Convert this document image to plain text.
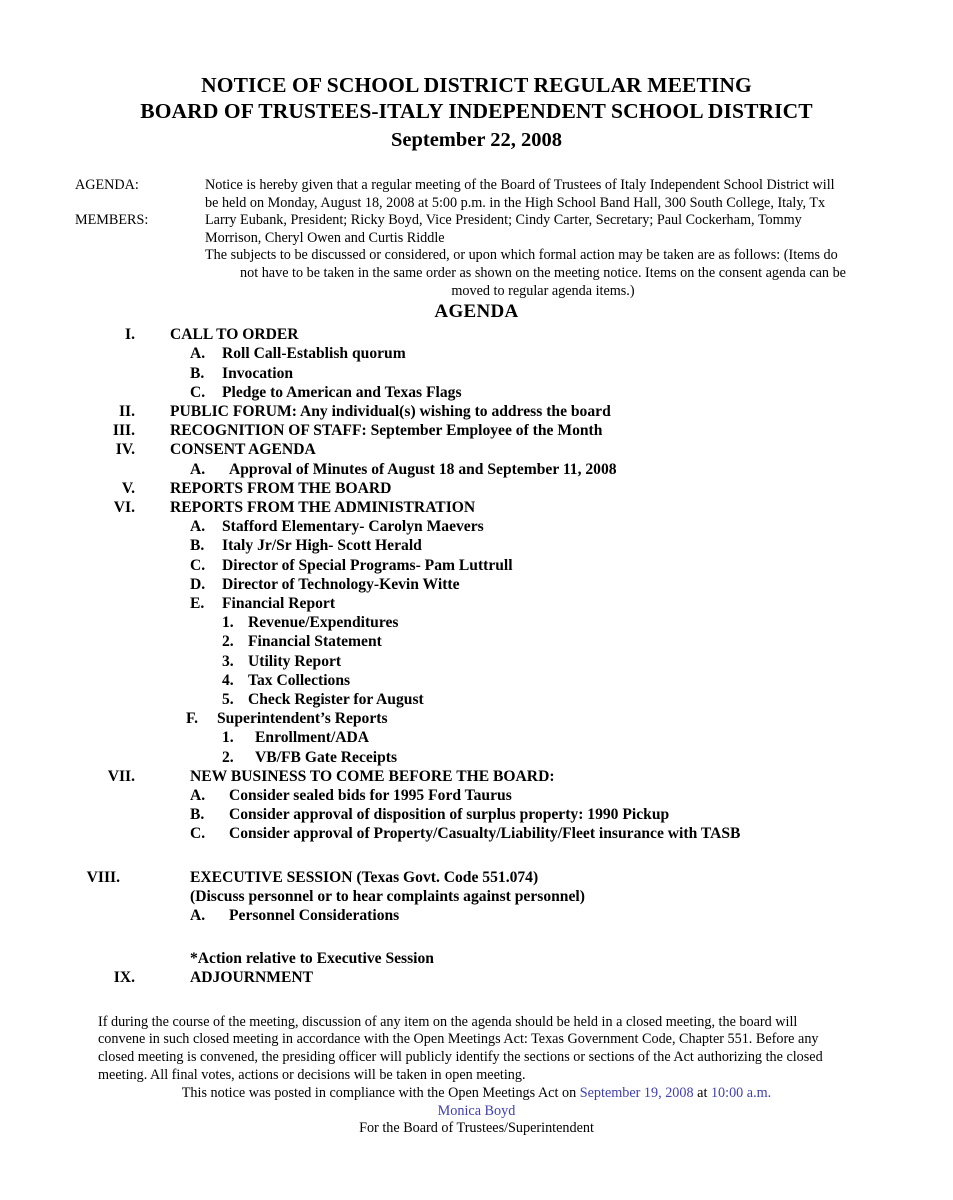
NOTICE OF SCHOOL DISTRICT REGULAR MEETING
BOARD OF TRUSTEES-ITALY INDEPENDENT SCHOOL DISTRICT
September 22, 2008
AGENDA:	Notice is hereby given that a regular meeting of the Board of Trustees of Italy Independent School District will
be held on Monday, August 18, 2008 at 5:00 p.m. in the High School Band Hall, 300 South College, Italy, Tx
MEMBERS:	Larry Eubank, President; Ricky Boyd, Vice President; Cindy Carter, Secretary; Paul Cockerham, Tommy
Morrison, Cheryl Owen and Curtis Riddle
The subjects to be discussed or considered, or upon which formal action may be taken are as follows: (Items do
not have to be taken in the same order as shown on the meeting notice. Items on the consent agenda can be
moved to regular agenda items.)
AGENDA
I. CALL TO ORDER
A.	Roll Call-Establish quorum
B.	Invocation
C.	Pledge to American and Texas Flags
II. PUBLIC FORUM: Any individual(s) wishing to address the board
III. RECOGNITION OF STAFF: September Employee of the Month
IV. CONSENT AGENDA
A.	Approval of Minutes of August 18 and September 11, 2008
V. REPORTS FROM THE BOARD
VI. REPORTS FROM THE ADMINISTRATION
A.	Stafford Elementary- Carolyn Maevers
B.	Italy Jr/Sr High- Scott Herald
C.	Director of Special Programs- Pam Luttrull
D.	Director of Technology-Kevin Witte
E.	Financial Report
1. Revenue/Expenditures
2. Financial Statement
3. Utility Report
4. Tax Collections
5. Check Register for August
F.	Superintendent’s Reports
1.	Enrollment/ADA
2.	VB/FB Gate Receipts
VII.	NEW BUSINESS TO COME BEFORE THE BOARD:
A.	Consider sealed bids for 1995 Ford Taurus
B.	Consider approval of disposition of surplus property: 1990 Pickup
C.	Consider approval of Property/Casualty/Liability/Fleet insurance with TASB
VIII.	EXECUTIVE SESSION (Texas Govt. Code 551.074)
(Discuss personnel or to hear complaints against personnel)
A.	Personnel Considerations
*Action relative to Executive Session
IX.	ADJOURNMENT
If during the course of the meeting, discussion of any item on the agenda should be held in a closed meeting, the board will
convene in such closed meeting in accordance with the Open Meetings Act: Texas Government Code, Chapter 551. Before any
closed meeting is convened, the presiding officer will publicly identify the sections or sections of the Act authorizing the closed
meeting. All final votes, actions or decisions will be taken in open meeting.
This notice was posted in compliance with the Open Meetings Act on September 19, 2008 at 10:00 a.m.
Monica Boyd
For the Board of Trustees/Superintendent
